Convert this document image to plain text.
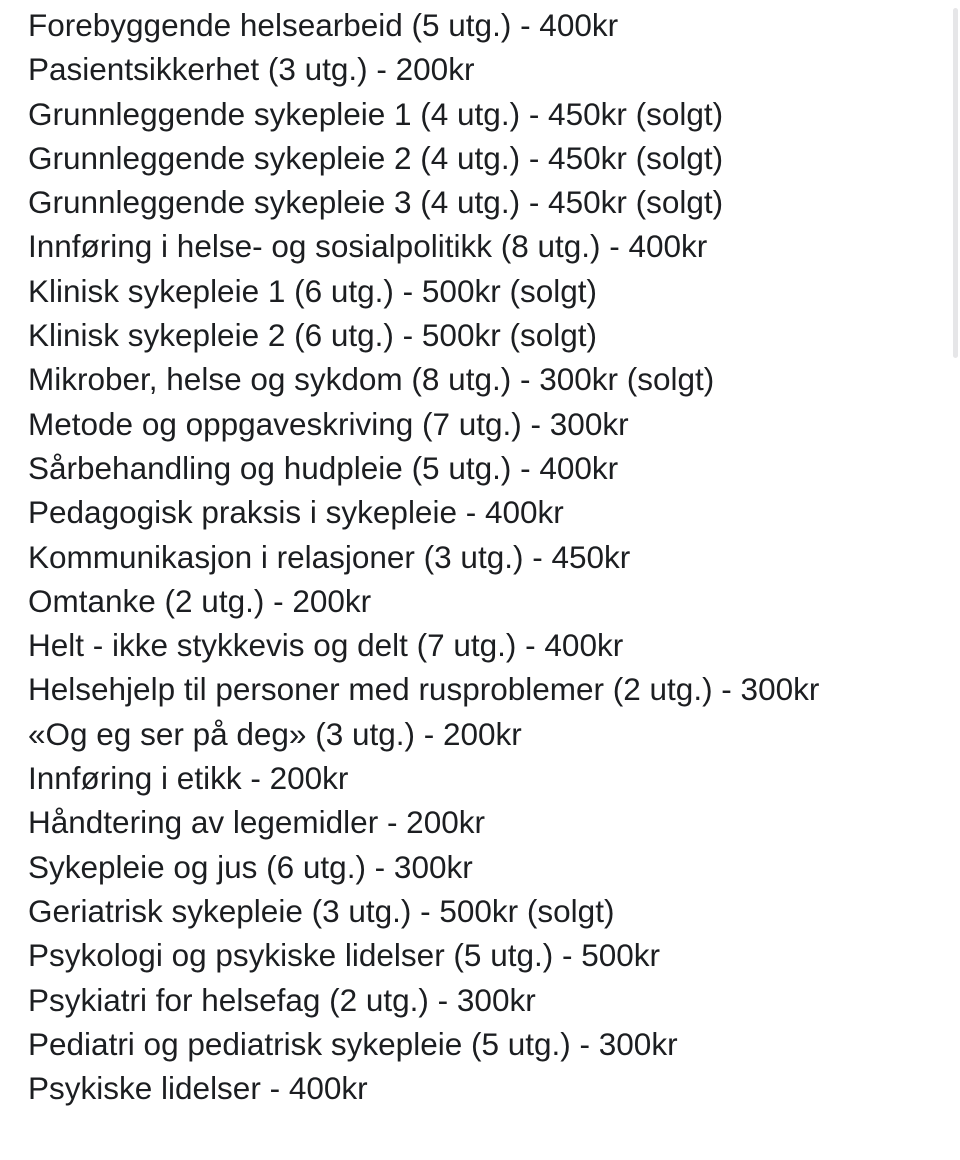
Forebyggende helsearbeid (5 utg.) - 400kr
Pasientsikkerhet (3 utg.) - 200kr
Grunnleggende sykepleie 1 (4 utg.) - 450kr (solgt)
Grunnleggende sykepleie 2 (4 utg.) - 450kr (solgt)
Grunnleggende sykepleie 3 (4 utg.) - 450kr (solgt)
Innføring i helse- og sosialpolitikk (8 utg.) - 400kr
Klinisk sykepleie 1 (6 utg.) - 500kr (solgt)
Klinisk sykepleie 2 (6 utg.) - 500kr (solgt)
Mikrober, helse og sykdom (8 utg.) - 300kr (solgt)
Metode og oppgaveskriving (7 utg.) - 300kr
Sårbehandling og hudpleie (5 utg.) - 400kr
Pedagogisk praksis i sykepleie - 400kr
Kommunikasjon i relasjoner (3 utg.) - 450kr
Omtanke (2 utg.) - 200kr
Helt - ikke stykkevis og delt (7 utg.) - 400kr
Helsehjelp til personer med rusproblemer (2 utg.) - 300kr
«Og eg ser på deg» (3 utg.) - 200kr
Innføring i etikk - 200kr
Håndtering av legemidler - 200kr
Sykepleie og jus (6 utg.) - 300kr
Geriatrisk sykepleie (3 utg.) - 500kr (solgt)
Psykologi og psykiske lidelser (5 utg.) - 500kr
Psykiatri for helsefag (2 utg.) - 300kr
Pediatri og pediatrisk sykepleie (5 utg.) - 300kr
Psykiske lidelser - 400kr
